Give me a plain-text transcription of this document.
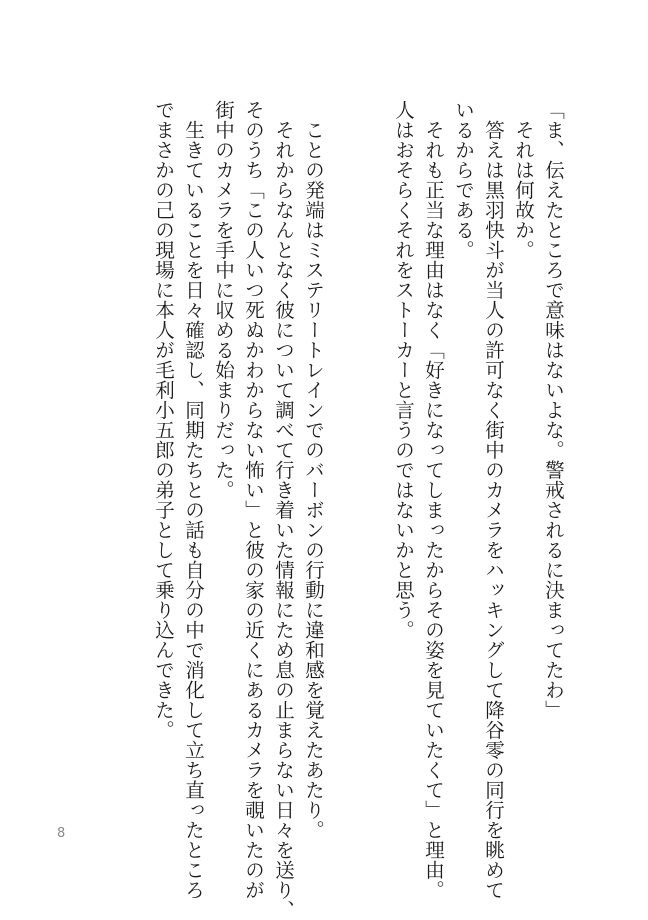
「ま、伝えたところで意味はないよな。警戒されるに決まってたわ」
　それは何故か。
　答えは黒羽快斗が当人の許可なく街中のカメラをハッキングして降谷零の同行を眺めて
いるからである。
　それも正当な理由はなく「好きになってしまったからその姿を見ていたくて」と理由。
人はおそらくそれをストーカーと言うのではないかと思う。
　ことの発端はミステリートレインでのバーボンの行動に違和感を覚えたあたり。
　それからなんとなく彼について調べて行き着いた情報にため息の止まらない日々を送り、
そのうち「この人いつ死ぬかわからない怖い」と彼の家の近くにあるカメラを覗いたのが
街中のカメラを手中に収める始まりだった。
　生きていることを日々確認し、同期たちとの話も自分の中で消化して立ち直ったところ
でまさかの己の現場に本人が毛利小五郎の弟子として乗り込んできた。
8
